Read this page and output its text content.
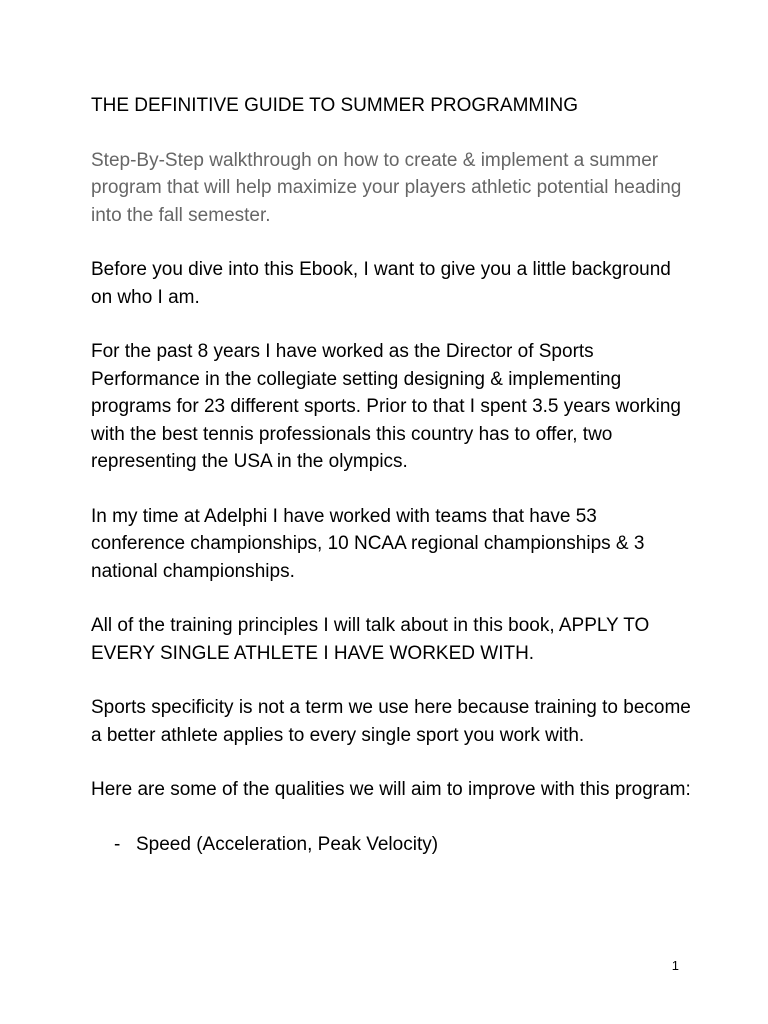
THE DEFINITIVE GUIDE TO SUMMER PROGRAMMING

Step-By-Step walkthrough on how to create & implement a summer program that will help maximize your players athletic potential heading into the fall semester.

Before you dive into this Ebook, I want to give you a little background on who I am.

For the past 8 years I have worked as the Director of Sports Performance in the collegiate setting designing & implementing programs for 23 different sports. Prior to that I spent 3.5 years working with the best tennis professionals this country has to offer, two representing the USA in the olympics.

In my time at Adelphi I have worked with teams that have 53 conference championships, 10 NCAA regional championships & 3 national championships.

All of the training principles I will talk about in this book, APPLY TO EVERY SINGLE ATHLETE I HAVE WORKED WITH.

Sports specificity is not a term we use here because training to become a better athlete applies to every single sport you work with.

Here are some of the qualities we will aim to improve with this program:

- Speed (Acceleration, Peak Velocity)
1
